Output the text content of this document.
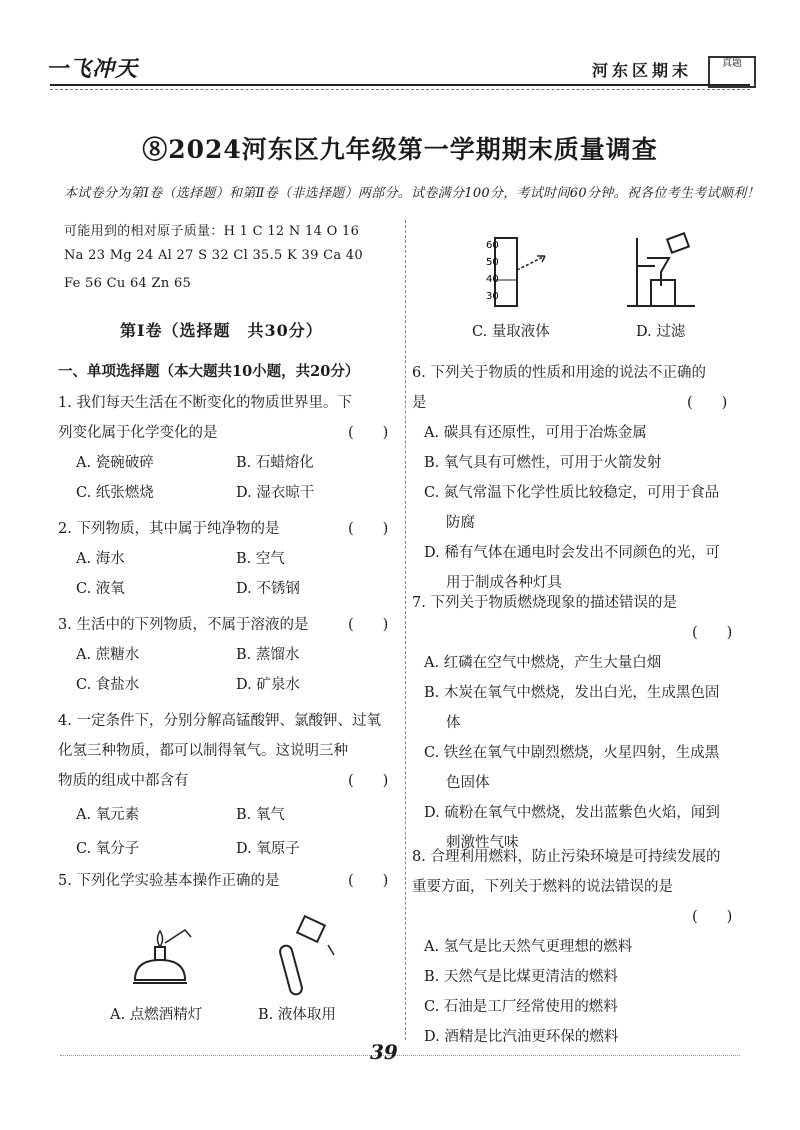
一飞冲天	河东区期末	真题
⑧2024河东区九年级第一学期期末质量调查
本试卷分为第Ⅰ卷（选择题）和第Ⅱ卷（非选择题）两部分。试卷满分100分，考试时间60分钟。祝各位考生考试顺利！
可能用到的相对原子质量：H 1 C 12 N 14 O 16
Na 23 Mg 24 Al 27 S 32 Cl 35.5 K 39 Ca 40
Fe 56 Cu 64 Zn 65
第Ⅰ卷（选择题　共30分）
一、单项选择题（本大题共10小题，共20分）
1. 我们每天生活在不断变化的物质世界里。下
列变化属于化学变化的是	(　　)
A. 瓷碗破碎	B. 石蜡熔化
C. 纸张燃烧	D. 湿衣晾干
2. 下列物质，其中属于纯净物的是	(　　)
A. 海水	B. 空气
C. 液氧	D. 不锈钢
3. 生活中的下列物质，不属于溶液的是	(　　)
A. 蔗糖水	B. 蒸馏水
C. 食盐水	D. 矿泉水
4. 一定条件下，分别分解高锰酸钾、氯酸钾、过氧
化氢三种物质，都可以制得氧气。这说明三种
物质的组成中都含有	(　　)
A. 氧元素	B. 氧气
C. 氧分子	D. 氧原子
5. 下列化学实验基本操作正确的是	(　　)
A. 点燃酒精灯	B. 液体取用
60
50
40
30
C. 量取液体	D. 过滤
6. 下列关于物质的性质和用途的说法不正确的
是	(　　)
A. 碳具有还原性，可用于冶炼金属
B. 氧气具有可燃性，可用于火箭发射
C. 氮气常温下化学性质比较稳定，可用于食品
防腐
D. 稀有气体在通电时会发出不同颜色的光，可
用于制成各种灯具
7. 下列关于物质燃烧现象的描述错误的是
(　　)
A. 红磷在空气中燃烧，产生大量白烟
B. 木炭在氧气中燃烧，发出白光，生成黑色固
体
C. 铁丝在氧气中剧烈燃烧，火星四射，生成黑
色固体
D. 硫粉在氧气中燃烧，发出蓝紫色火焰，闻到
刺激性气味
8. 合理利用燃料，防止污染环境是可持续发展的
重要方面，下列关于燃料的说法错误的是
(　　)
A. 氢气是比天然气更理想的燃料
B. 天然气是比煤更清洁的燃料
C. 石油是工厂经常使用的燃料
D. 酒精是比汽油更环保的燃料
39
